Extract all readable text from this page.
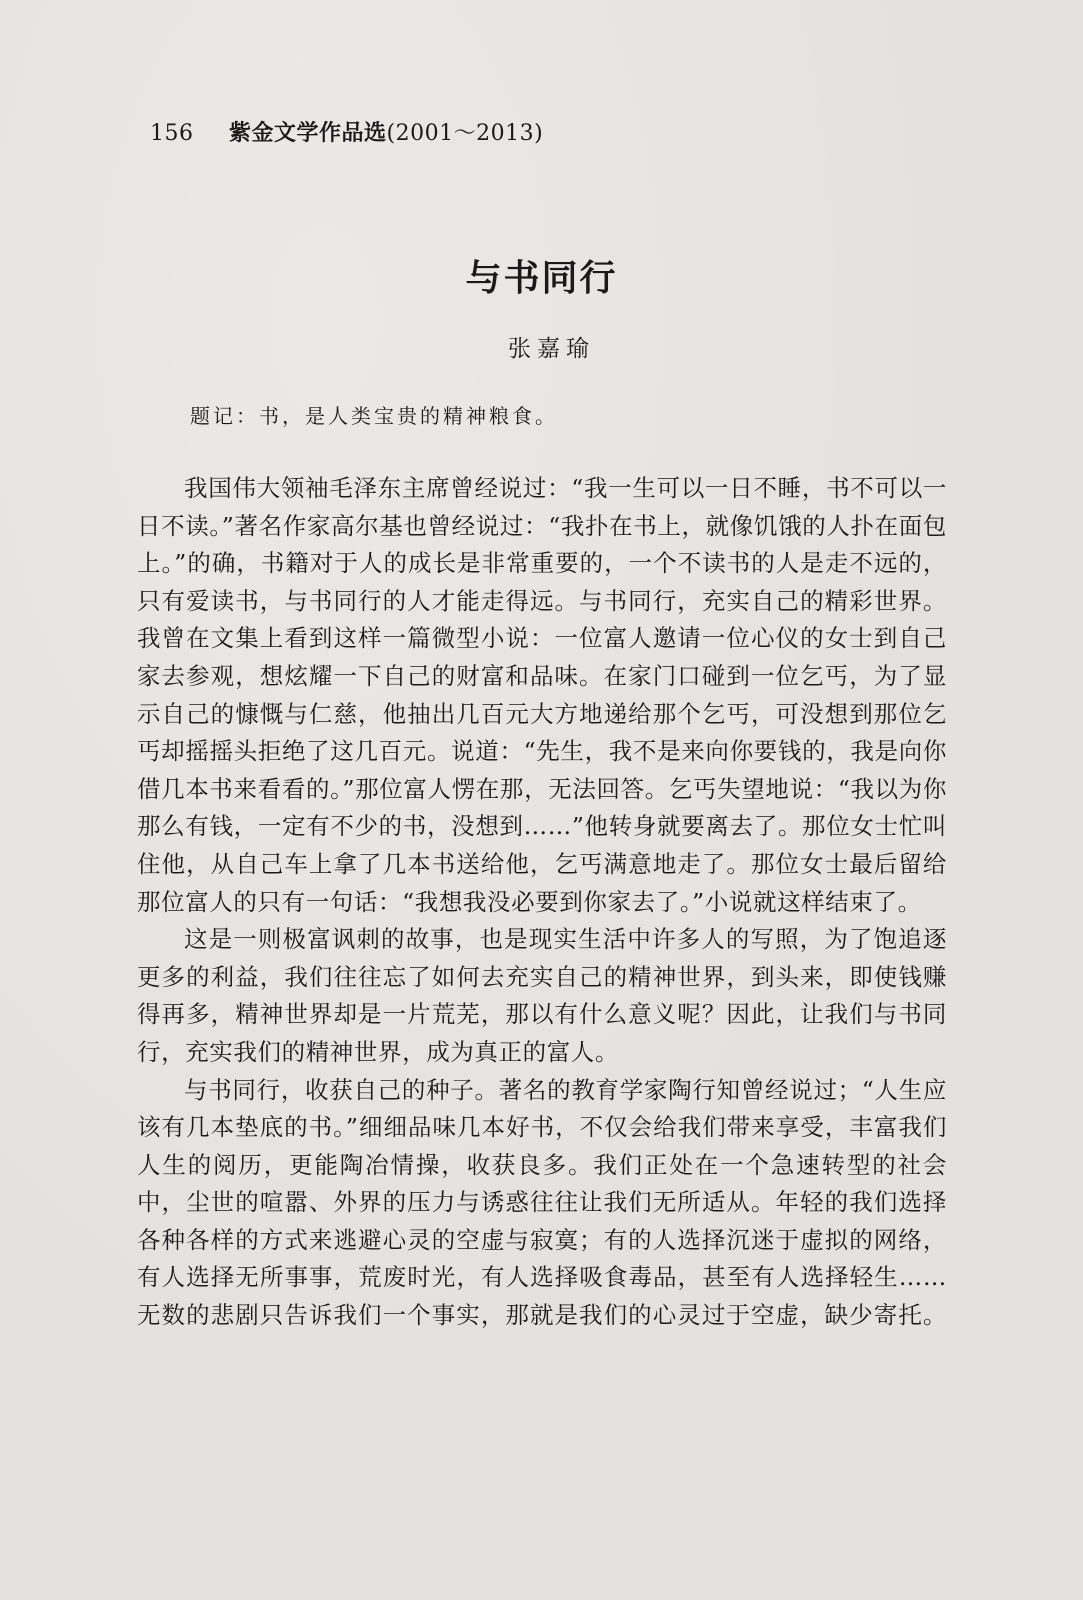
156 紫金文学作品选(2001～2013)
与书同行
张嘉瑜
题记：书，是人类宝贵的精神粮食。

我国伟大领袖毛泽东主席曾经说过：“我一生可以一日不睡，书不可以一日不读。”著名作家高尔基也曾经说过：“我扑在书上，就像饥饿的人扑在面包上。”的确，书籍对于人的成长是非常重要的，一个不读书的人是走不远的，只有爱读书，与书同行的人才能走得远。与书同行，充实自己的精彩世界。我曾在文集上看到这样一篇微型小说：一位富人邀请一位心仪的女士到自己家去参观，想炫耀一下自己的财富和品味。在家门口碰到一位乞丐，为了显示自己的慷慨与仁慈，他抽出几百元大方地递给那个乞丐，可没想到那位乞丐却摇摇头拒绝了这几百元。说道：“先生，我不是来向你要钱的，我是向你借几本书来看看的。”那位富人愣在那，无法回答。乞丐失望地说：“我以为你那么有钱，一定有不少的书，没想到……”他转身就要离去了。那位女士忙叫住他，从自己车上拿了几本书送给他，乞丐满意地走了。那位女士最后留给那位富人的只有一句话：“我想我没必要到你家去了。”小说就这样结束了。

这是一则极富讽刺的故事，也是现实生活中许多人的写照，为了饱追逐更多的利益，我们往往忘了如何去充实自己的精神世界，到头来，即使钱赚得再多，精神世界却是一片荒芜，那以有什么意义呢？因此，让我们与书同行，充实我们的精神世界，成为真正的富人。

与书同行，收获自己的种子。著名的教育学家陶行知曾经说过；“人生应该有几本垫底的书。”细细品味几本好书，不仅会给我们带来享受，丰富我们人生的阅历，更能陶冶情操，收获良多。我们正处在一个急速转型的社会中，尘世的喧嚣、外界的压力与诱惑往往让我们无所适从。年轻的我们选择各种各样的方式来逃避心灵的空虚与寂寞；有的人选择沉迷于虚拟的网络，有人选择无所事事，荒废时光，有人选择吸食毒品，甚至有人选择轻生……无数的悲剧只告诉我们一个事实，那就是我们的心灵过于空虚，缺少寄托。
